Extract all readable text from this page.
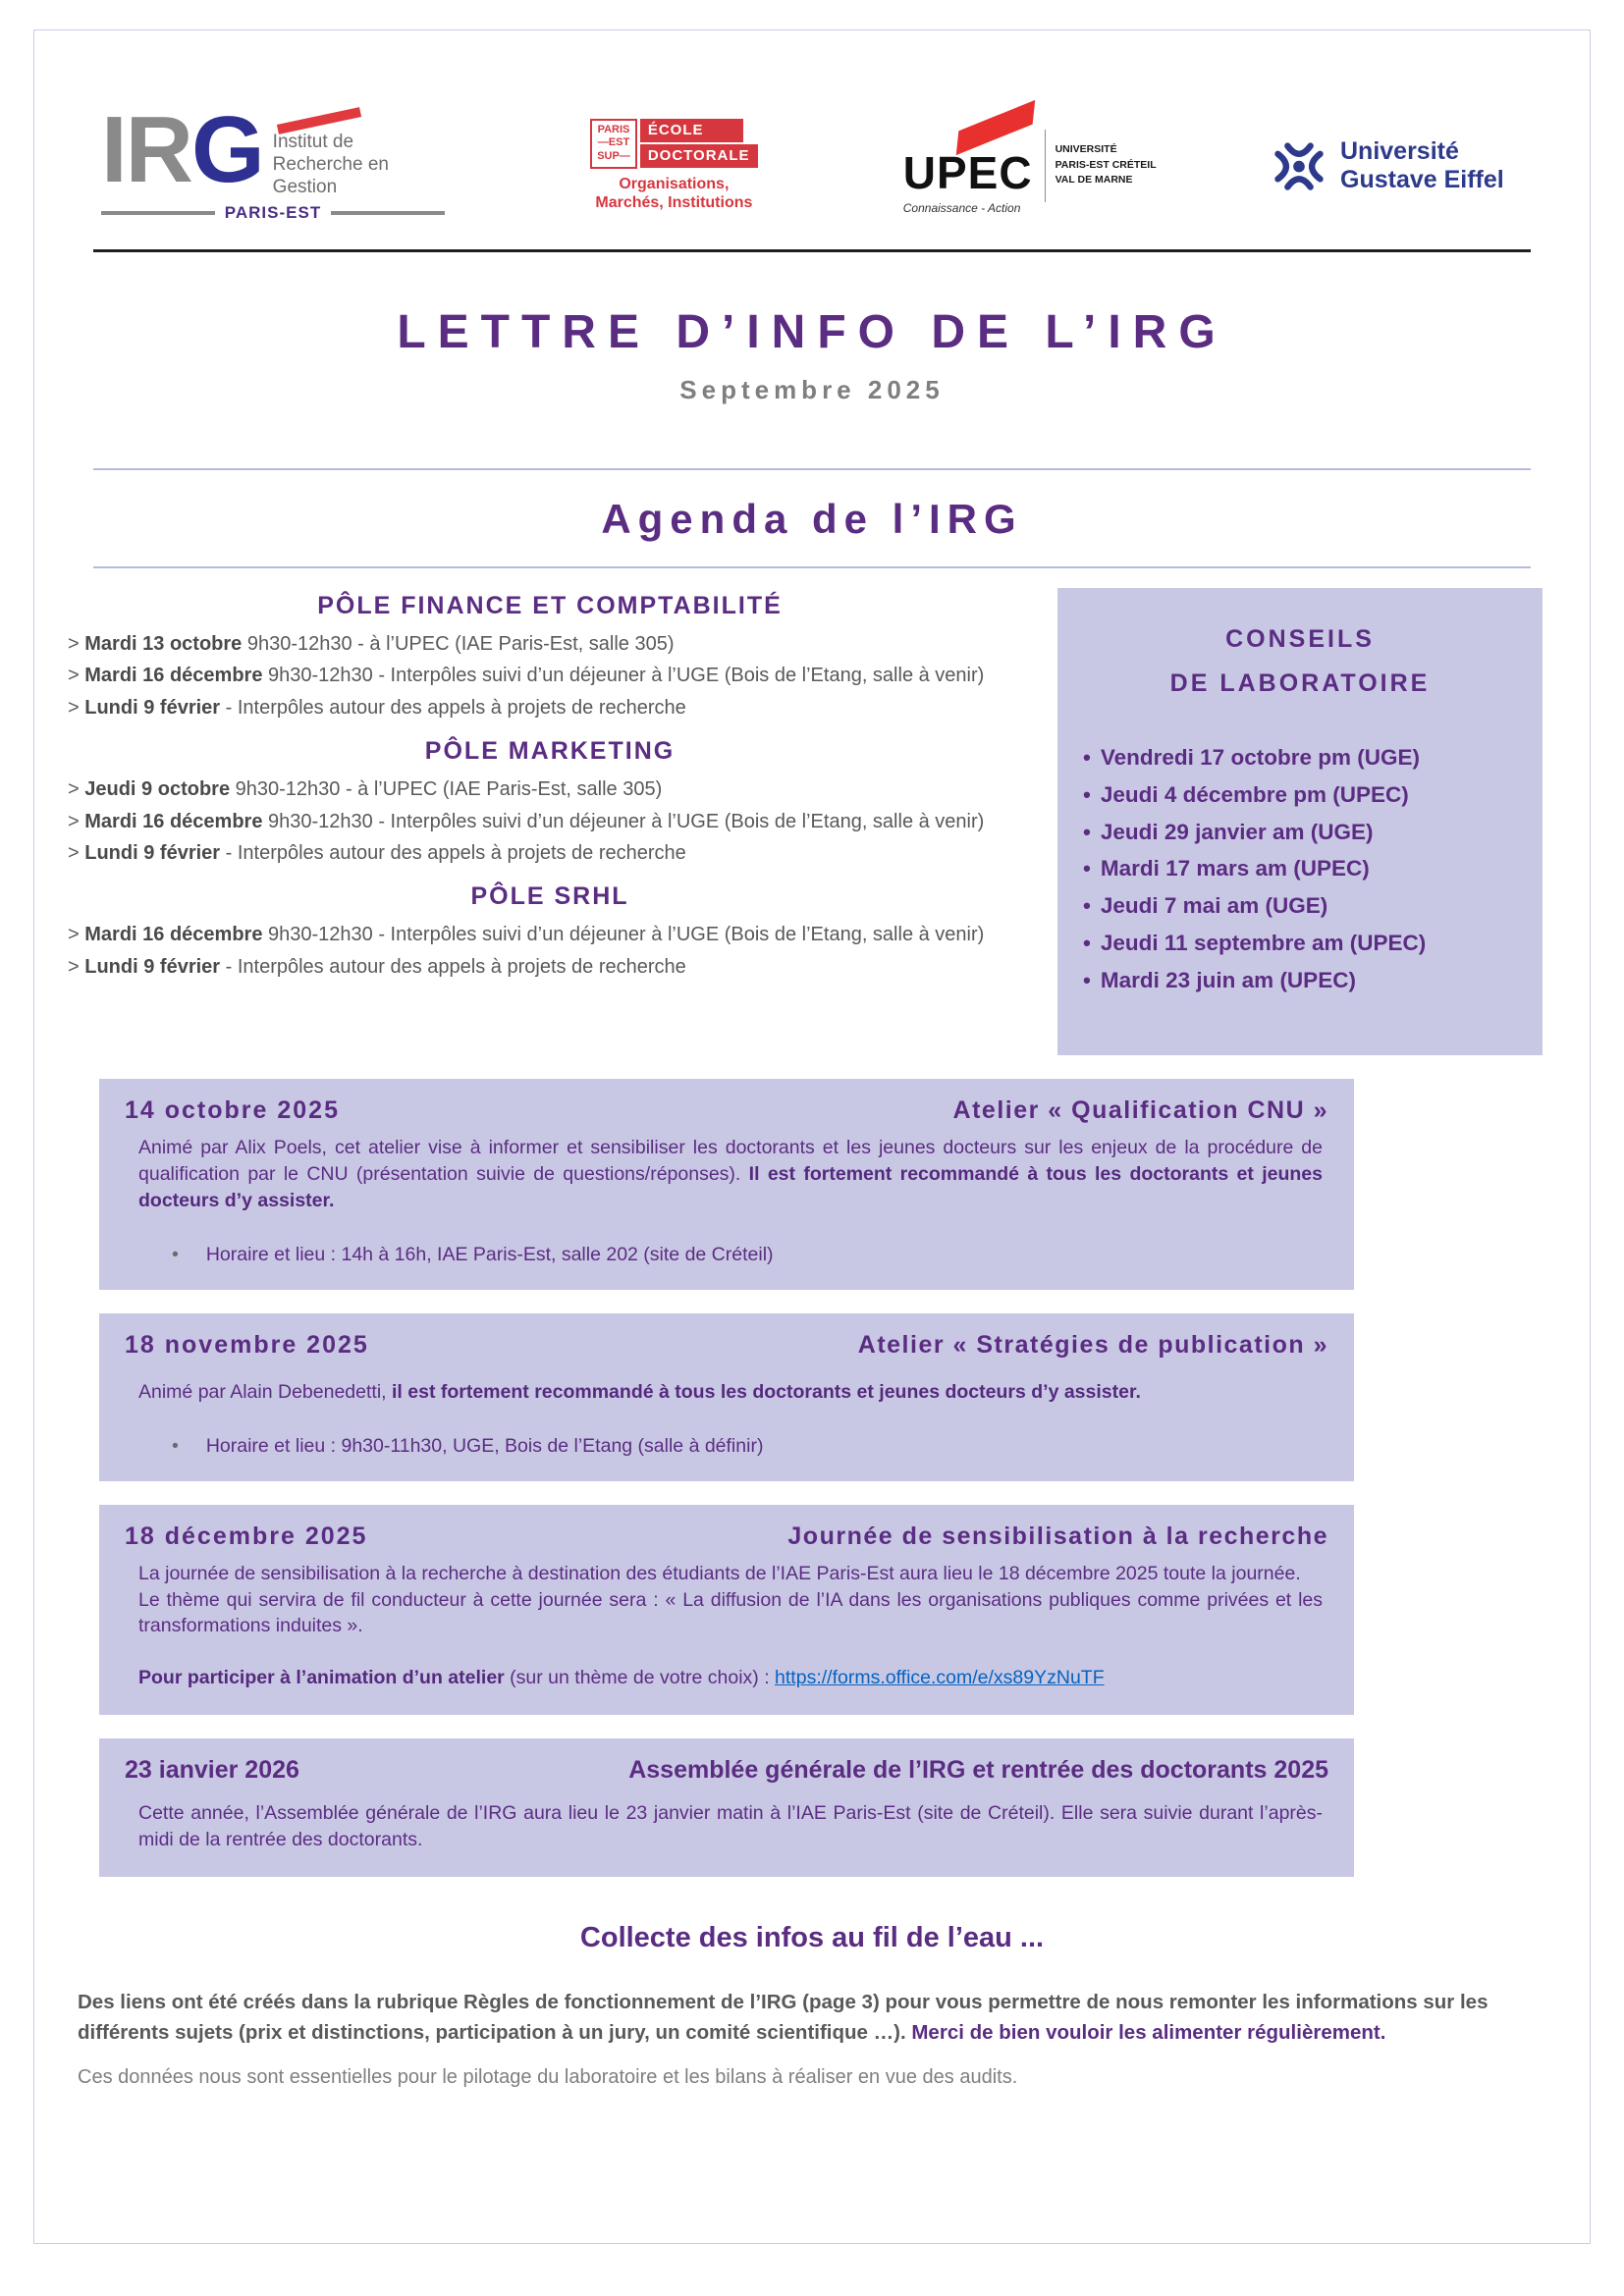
IRG Institut de
Recherche en
Gestion
PARIS-EST
PARIS
—EST
SUP—
ÉCOLE
DOCTORALE
Organisations,
Marchés, Institutions
UPEC
Connaissance - Action
UNIVERSITÉ
PARIS-EST CRÉTEIL
VAL DE MARNE
Université
Gustave Eiffel
LETTRE D’INFO DE L’IRG
Septembre 2025
Agenda de l’IRG
PÔLE FINANCE ET COMPTABILITÉ
> Mardi 13 octobre 9h30-12h30 - à l’UPEC (IAE Paris-Est, salle 305)
> Mardi 16 décembre 9h30-12h30 - Interpôles suivi d’un déjeuner à l’UGE (Bois de l’Etang, salle à venir)
> Lundi 9 février - Interpôles autour des appels à projets de recherche
PÔLE MARKETING
> Jeudi 9 octobre 9h30-12h30 - à l’UPEC (IAE Paris-Est, salle 305)
> Mardi 16 décembre 9h30-12h30 - Interpôles suivi d’un déjeuner à l’UGE (Bois de l’Etang, salle à venir)
> Lundi 9 février - Interpôles autour des appels à projets de recherche
PÔLE SRHL
> Mardi 16 décembre 9h30-12h30 - Interpôles suivi d’un déjeuner à l’UGE (Bois de l’Etang, salle à venir)
> Lundi 9 février - Interpôles autour des appels à projets de recherche
CONSEILS
DE LABORATOIRE
• Vendredi 17 octobre pm (UGE)
• Jeudi 4 décembre pm (UPEC)
• Jeudi 29 janvier am (UGE)
• Mardi 17 mars am (UPEC)
• Jeudi 7 mai am (UGE)
• Jeudi 11 septembre am (UPEC)
• Mardi 23 juin am (UPEC)
14 octobre 2025	Atelier « Qualification CNU »
Animé par Alix Poels, cet atelier vise à informer et sensibiliser les doctorants et les jeunes docteurs sur les enjeux de la procédure de qualification par le CNU (présentation suivie de questions/réponses). Il est fortement recommandé à tous les doctorants et jeunes docteurs d’y assister.
• Horaire et lieu : 14h à 16h, IAE Paris-Est, salle 202 (site de Créteil)
18 novembre 2025	Atelier « Stratégies de publication »
Animé par Alain Debenedetti, il est fortement recommandé à tous les doctorants et jeunes docteurs d’y assister.
• Horaire et lieu : 9h30-11h30, UGE, Bois de l’Etang (salle à définir)
18 décembre 2025	Journée de sensibilisation à la recherche
La journée de sensibilisation à la recherche à destination des étudiants de l’IAE Paris-Est aura lieu le 18 décembre 2025 toute la journée.
Le thème qui servira de fil conducteur à cette journée sera : « La diffusion de l’IA dans les organisations publiques comme privées et les transformations induites ».
Pour participer à l’animation d’un atelier (sur un thème de votre choix) : https://forms.office.com/e/xs89YzNuTF
23 ianvier 2026	Assemblée générale de l’IRG et rentrée des doctorants 2025
Cette année, l’Assemblée générale de l’IRG aura lieu le 23 janvier matin à l’IAE Paris-Est (site de Créteil). Elle sera suivie durant l’après-midi de la rentrée des doctorants.
Collecte des infos au fil de l’eau ...
Des liens ont été créés dans la rubrique Règles de fonctionnement de l’IRG (page 3) pour vous permettre de nous remonter les informations sur les différents sujets (prix et distinctions, participation à un jury, un comité scientifique …). Merci de bien vouloir les alimenter régulièrement.
Ces données nous sont essentielles pour le pilotage du laboratoire et les bilans à réaliser en vue des audits.
